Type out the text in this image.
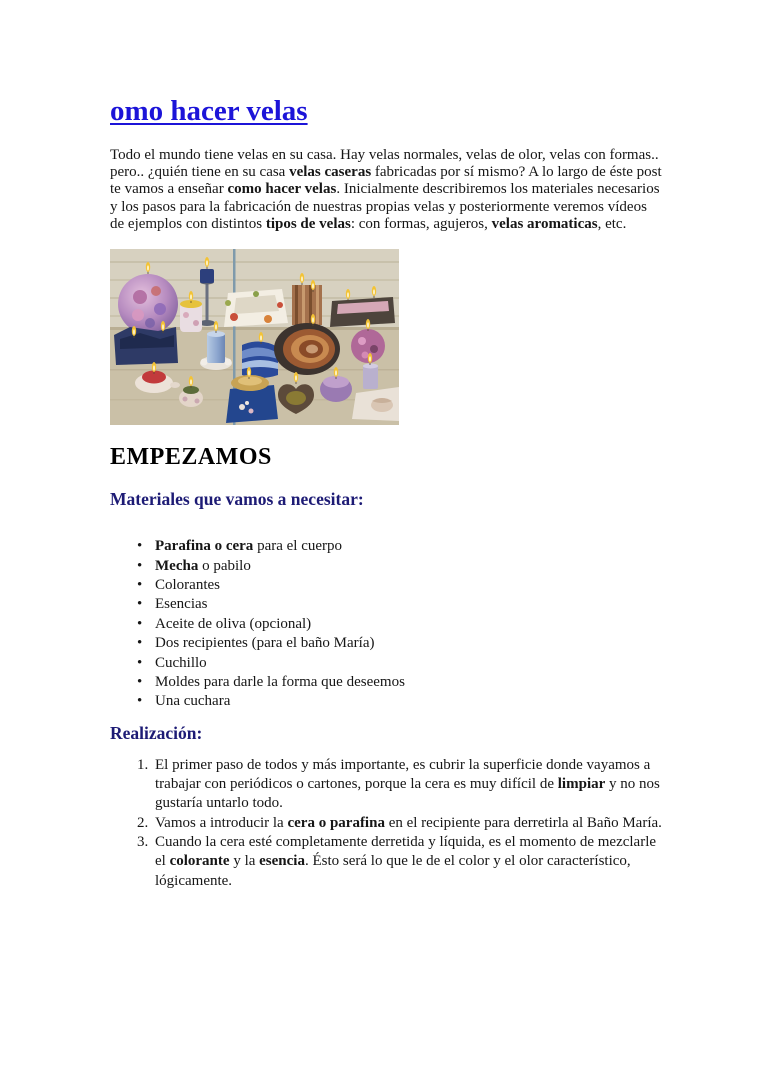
omo hacer velas

Todo el mundo tiene velas en su casa. Hay velas normales, velas de olor, velas con formas.. pero.. ¿quién tiene en su casa velas caseras fabricadas por sí mismo? A lo largo de éste post te vamos a enseñar como hacer velas. Inicialmente describiremos los materiales necesarios y los pasos para la fabricación de nuestras propias velas y posteriormente veremos vídeos de ejemplos con distintos tipos de velas: con formas, agujeros, velas aromaticas, etc.

EMPEZAMOS
Materiales que vamos a necesitar:
• Parafina o cera para el cuerpo
• Mecha o pabilo
• Colorantes
• Esencias
• Aceite de oliva (opcional)
• Dos recipientes (para el baño María)
• Cuchillo
• Moldes para darle la forma que deseemos
• Una cuchara
Realización:
El primer paso de todos y más importante, es cubrir la superficie donde vayamos a trabajar con periódicos o cartones, porque la cera es muy difícil de limpiar y no nos gustaría untarlo todo.
Vamos a introducir la cera o parafina en el recipiente para derretirla al Baño María.
Cuando la cera esté completamente derretida y líquida, es el momento de mezclarle el colorante y la esencia. Ésto será lo que le de el color y el olor característico, lógicamente.
